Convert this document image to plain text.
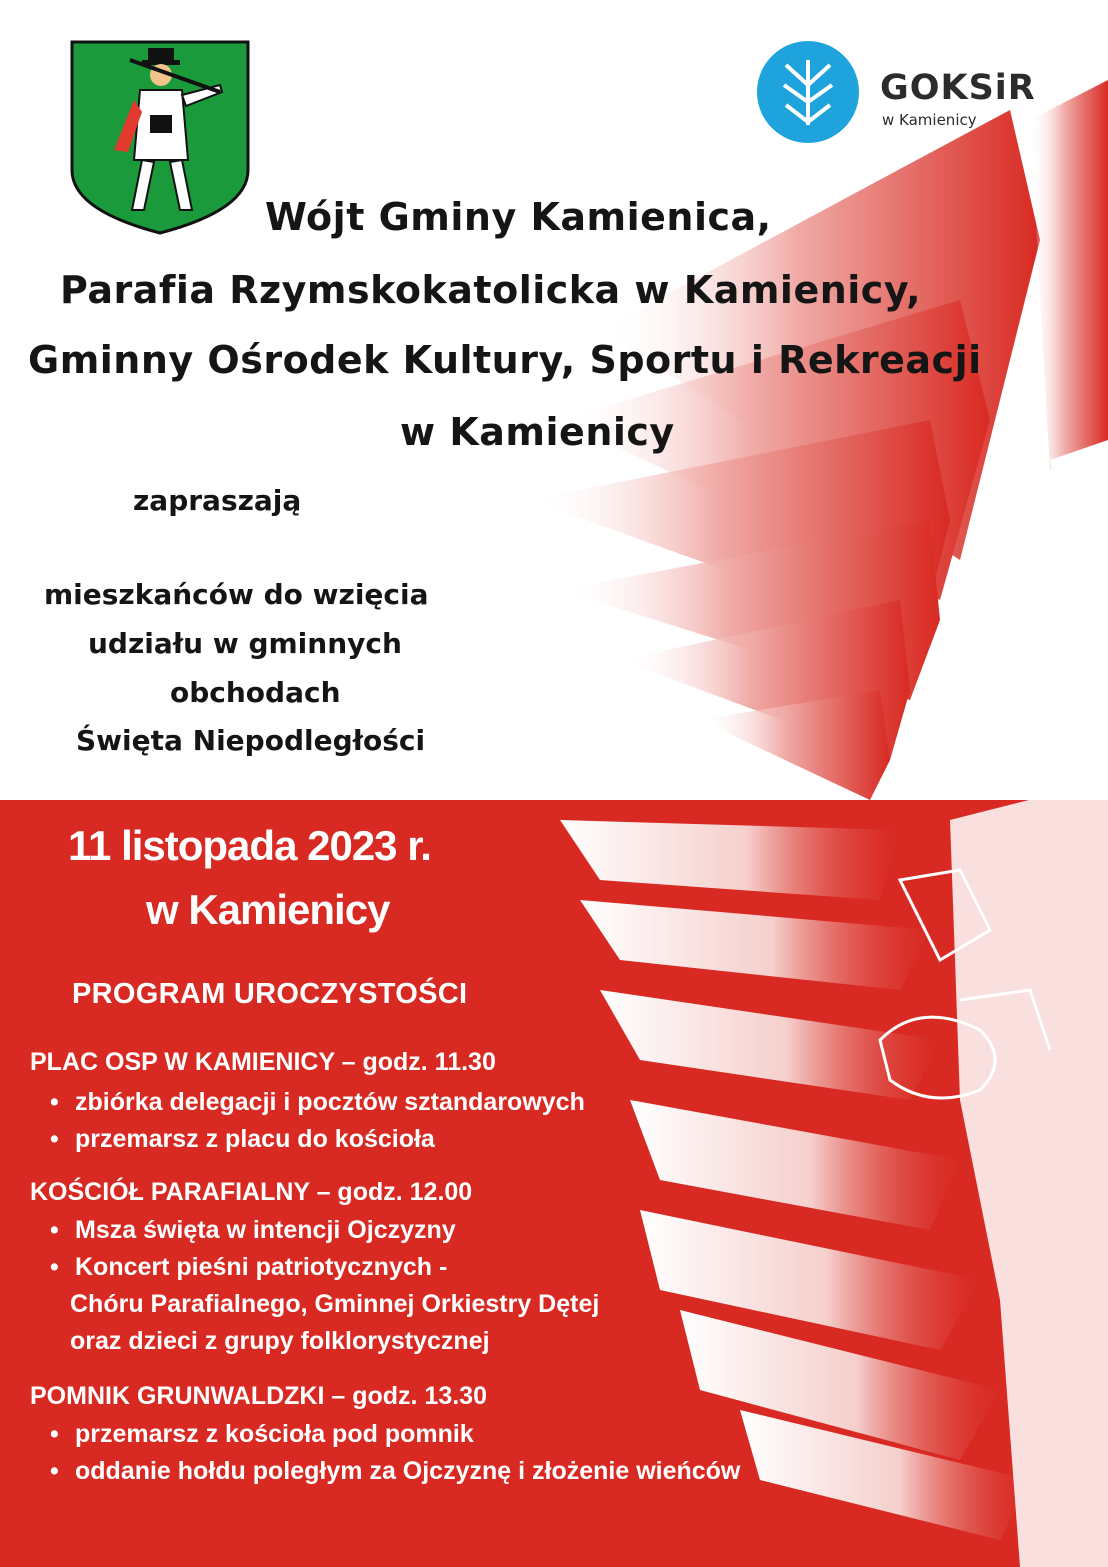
GOKSiR
w Kamienicy
Wójt Gminy Kamienica,
Parafia Rzymskokatolicka w Kamienicy,
Gminny Ośrodek Kultury, Sportu i Rekreacji
w Kamienicy
zapraszają
mieszkańców do wzięcia
udziału w gminnych
obchodach
Święta Niepodległości
11 listopada 2023 r.
w Kamienicy
PROGRAM UROCZYSTOŚCI
PLAC OSP W KAMIENICY – godz. 11.30
• zbiórka delegacji i pocztów sztandarowych
• przemarsz z placu do kościoła
KOŚCIÓŁ PARAFIALNY – godz. 12.00
• Msza święta w intencji Ojczyzny
• Koncert pieśni patriotycznych -
Chóru Parafialnego, Gminnej Orkiestry Dętej
oraz dzieci z grupy folklorystycznej
POMNIK GRUNWALDZKI – godz. 13.30
• przemarsz z kościoła pod pomnik
• oddanie hołdu poległym za Ojczyznę i złożenie wieńców
